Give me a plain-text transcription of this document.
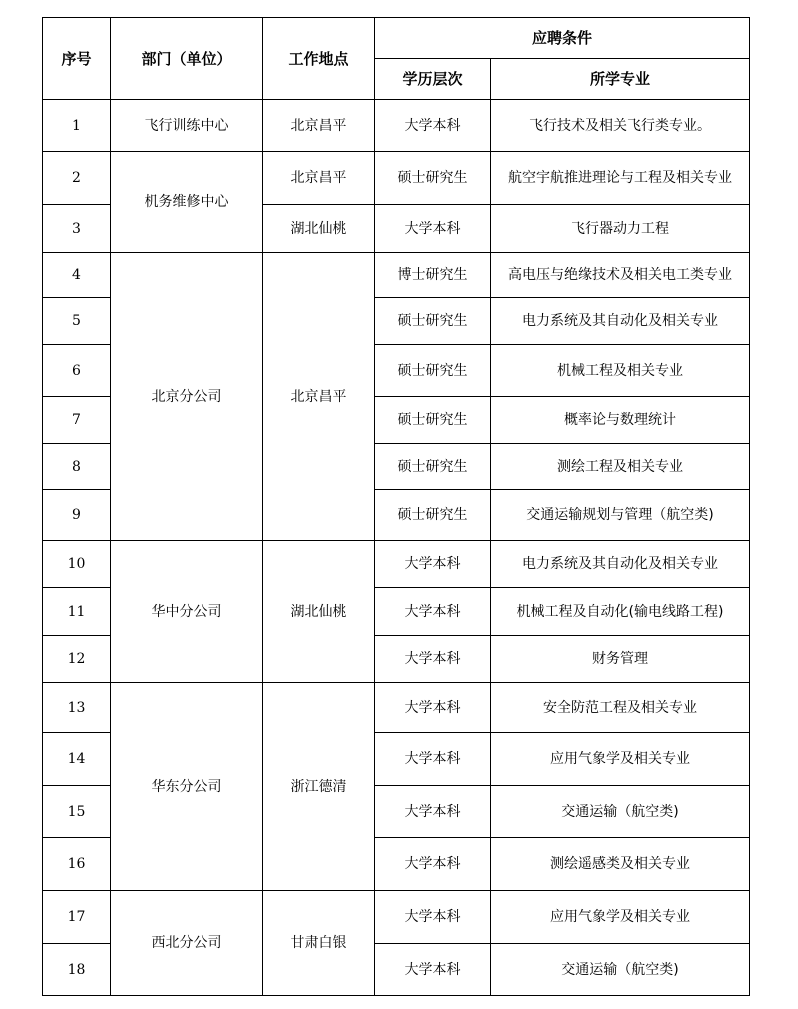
序号	部门（单位）	工作地点	应聘条件	
			学历层次	所学专业
1	飞行训练中心	北京昌平	大学本科	飞行技术及相关飞行类专业。
2	机务维修中心	北京昌平	硕士研究生	航空宇航推进理论与工程及相关专业
3		湖北仙桃	大学本科	飞行器动力工程
4	北京分公司	北京昌平	博士研究生	高电压与绝缘技术及相关电工类专业
5			硕士研究生	电力系统及其自动化及相关专业
6			硕士研究生	机械工程及相关专业
7			硕士研究生	概率论与数理统计
8			硕士研究生	测绘工程及相关专业
9			硕士研究生	交通运输规划与管理（航空类)
10	华中分公司	湖北仙桃	大学本科	电力系统及其自动化及相关专业
11			大学本科	机械工程及自动化(输电线路工程)
12			大学本科	财务管理
13	华东分公司	浙江德清	大学本科	安全防范工程及相关专业
14			大学本科	应用气象学及相关专业
15			大学本科	交通运输（航空类)
16			大学本科	测绘遥感类及相关专业
17	西北分公司	甘肃白银	大学本科	应用气象学及相关专业
18			大学本科	交通运输（航空类)
